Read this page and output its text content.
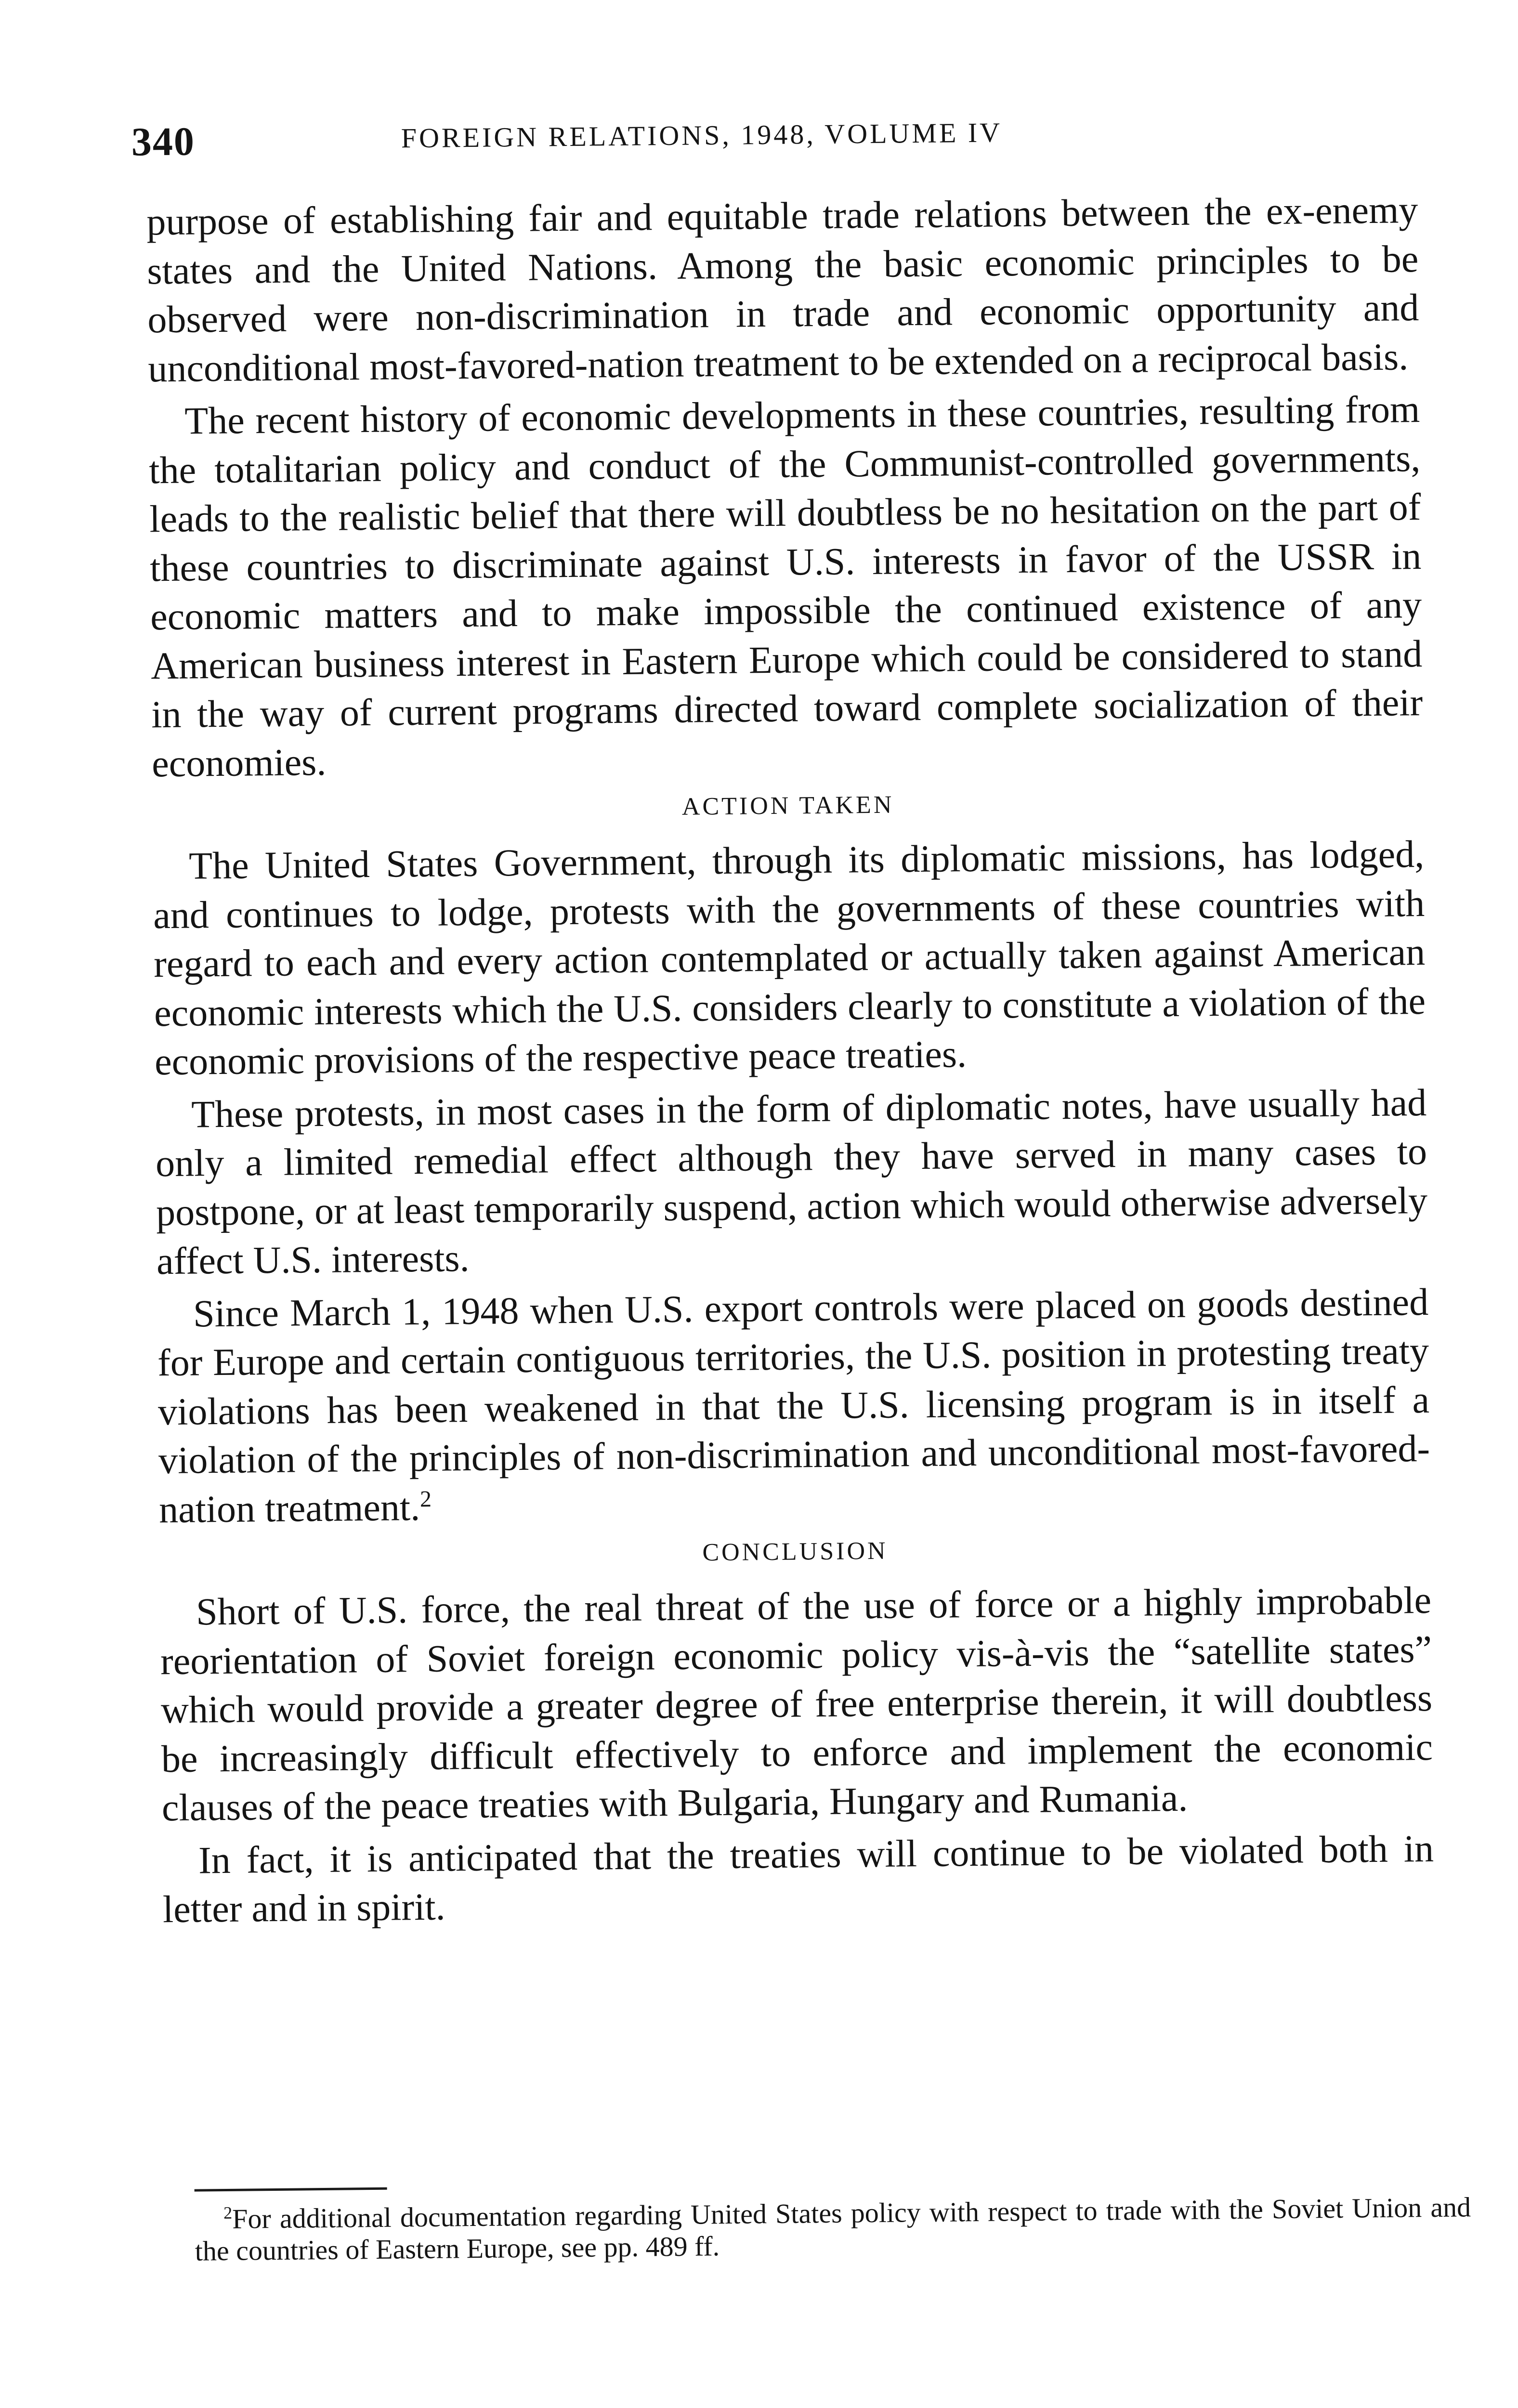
340	FOREIGN RELATIONS, 1948, VOLUME IV

purpose of establishing fair and equitable trade relations between the ex-enemy states and the United Nations. Among the basic economic principles to be observed were non-discrimination in trade and economic opportunity and unconditional most-favored-nation treatment to be extended on a reciprocal basis.

The recent history of economic developments in these countries, resulting from the totalitarian policy and conduct of the Communist-controlled governments, leads to the realistic belief that there will doubtless be no hesitation on the part of these countries to discriminate against U.S. interests in favor of the USSR in economic matters and to make impossible the continued existence of any American business interest in Eastern Europe which could be considered to stand in the way of current programs directed toward complete socialization of their economies.

ACTION TAKEN

The United States Government, through its diplomatic missions, has lodged, and continues to lodge, protests with the governments of these countries with regard to each and every action contemplated or actually taken against American economic interests which the U.S. considers clearly to constitute a violation of the economic provisions of the respective peace treaties.

These protests, in most cases in the form of diplomatic notes, have usually had only a limited remedial effect although they have served in many cases to postpone, or at least temporarily suspend, action which would otherwise adversely affect U.S. interests.

Since March 1, 1948 when U.S. export controls were placed on goods destined for Europe and certain contiguous territories, the U.S. position in protesting treaty violations has been weakened in that the U.S. licensing program is in itself a violation of the principles of non-discrimination and unconditional most-favored-nation treatment.$^2$

CONCLUSION

Short of U.S. force, the real threat of the use of force or a highly improbable reorientation of Soviet foreign economic policy vis-à-vis the “satellite states” which would provide a greater degree of free enterprise therein, it will doubtless be increasingly difficult effectively to enforce and implement the economic clauses of the peace treaties with Bulgaria, Hungary and Rumania.

In fact, it is anticipated that the treaties will continue to be violated both in letter and in spirit.

$^2$For additional documentation regarding United States policy with respect to trade with the Soviet Union and the countries of Eastern Europe, see pp. 489 ff.
